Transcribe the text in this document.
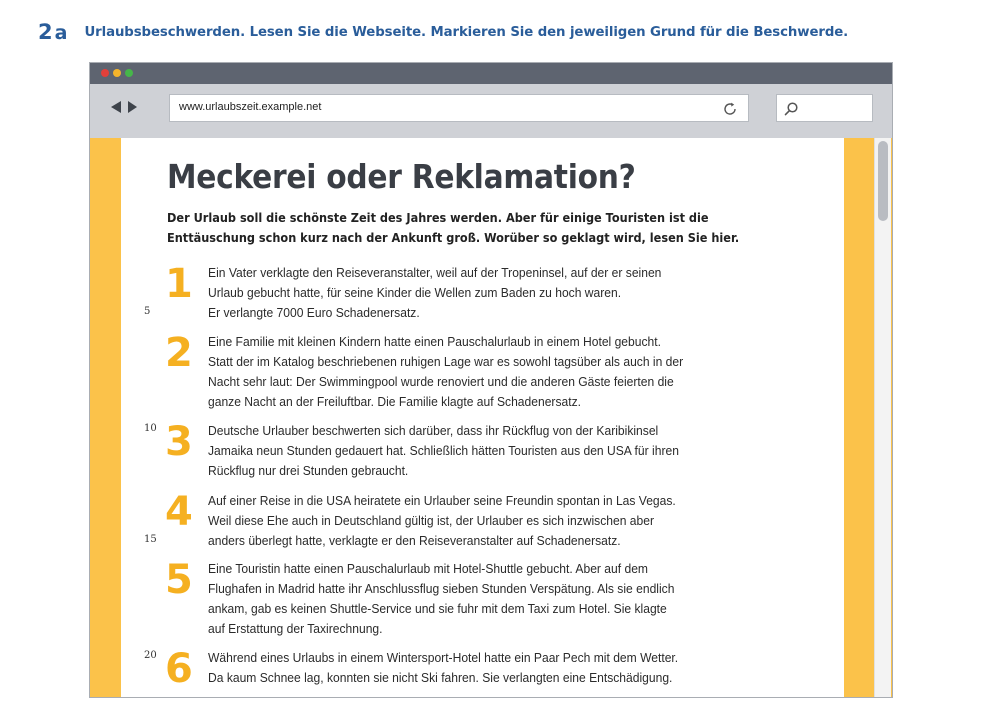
2 a Urlaubsbeschwerden. Lesen Sie die Webseite. Markieren Sie den jeweiligen Grund für die Beschwerde.
www.urlaubszeit.example.net
Meckerei oder Reklamation?
Der Urlaub soll die schönste Zeit des Jahres werden. Aber für einige Touristen ist die Enttäuschung schon kurz nach der Ankunft groß. Worüber so geklagt wird, lesen Sie hier.
1 Ein Vater verklagte den Reiseveranstalter, weil auf der Tropeninsel, auf der er seinen
Urlaub gebucht hatte, für seine Kinder die Wellen zum Baden zu hoch waren.
Er verlangte 7000 Euro Schadenersatz.
5
2 Eine Familie mit kleinen Kindern hatte einen Pauschalurlaub in einem Hotel gebucht.
Statt der im Katalog beschriebenen ruhigen Lage war es sowohl tagsüber als auch in der
Nacht sehr laut: Der Swimmingpool wurde renoviert und die anderen Gäste feierten die
ganze Nacht an der Freiluftbar. Die Familie klagte auf Schadenersatz.
3 Deutsche Urlauber beschwerten sich darüber, dass ihr Rückflug von der Karibikinsel
Jamaika neun Stunden gedauert hat. Schließlich hätten Touristen aus den USA für ihren
Rückflug nur drei Stunden gebraucht.
10
4 Auf einer Reise in die USA heiratete ein Urlauber seine Freundin spontan in Las Vegas.
Weil diese Ehe auch in Deutschland gültig ist, der Urlauber es sich inzwischen aber
anders überlegt hatte, verklagte er den Reiseveranstalter auf Schadenersatz.
15
5 Eine Touristin hatte einen Pauschalurlaub mit Hotel-Shuttle gebucht. Aber auf dem
Flughafen in Madrid hatte ihr Anschlussflug sieben Stunden Verspätung. Als sie endlich
ankam, gab es keinen Shuttle-Service und sie fuhr mit dem Taxi zum Hotel. Sie klagte
auf Erstattung der Taxirechnung.
6 Während eines Urlaubs in einem Wintersport-Hotel hatte ein Paar Pech mit dem Wetter.
Da kaum Schnee lag, konnten sie nicht Ski fahren. Sie verlangten eine Entschädigung.
20
